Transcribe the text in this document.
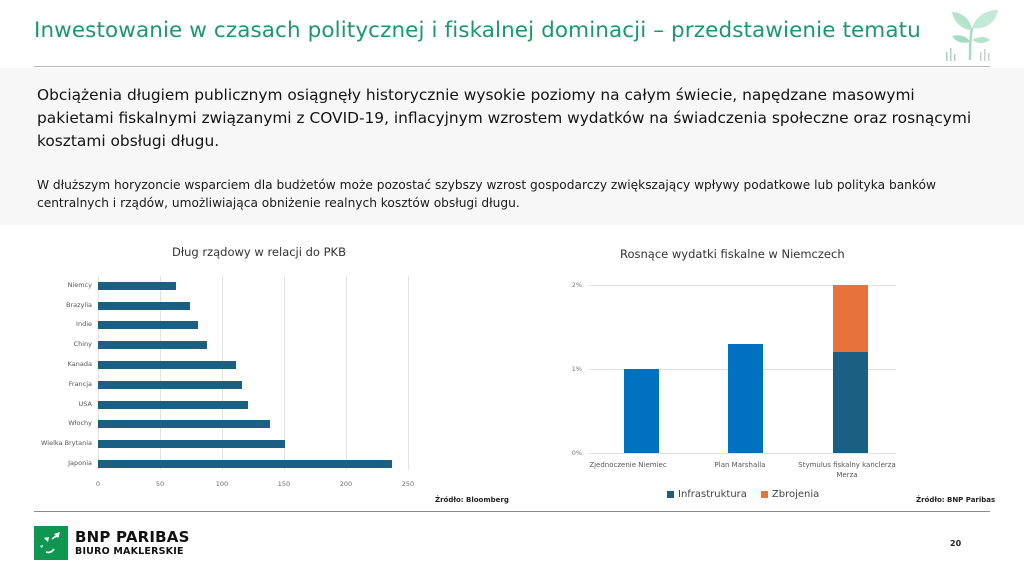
Inwestowanie w czasach politycznej i fiskalnej dominacji – przedstawienie tematu

Obciążenia długiem publicznym osiągnęły historycznie wysokie poziomy na całym świecie, napędzane masowymi pakietami fiskalnymi związanymi z COVID-19, inflacyjnym wzrostem wydatków na świadczenia społeczne oraz rosnącymi kosztami obsługi długu.

W dłuższym horyzoncie wsparciem dla budżetów może pozostać szybszy wzrost gospodarczy zwiększający wpływy podatkowe lub polityka banków centralnych i rządów, umożliwiająca obniżenie realnych kosztów obsługi długu.

Dług rządowy w relacji do PKB
Niemcy
Brazylia
Indie
Chiny
Kanada
Francja
USA
Włochy
Wielka Brytania
Japonia
0	50	100	150	200	250
Źródło: Bloomberg
Rosnące wydatki fiskalne w Niemczech
2%
1%
0%
Zjednoczenie Niemiec	Plan Marshalla	Stymulus fiskalny kanclerza Merza
Infrastruktura	Zbrojenia	Źródło: BNP Paribas
BNP PARIBAS
BIURO MAKLERSKIE
20
